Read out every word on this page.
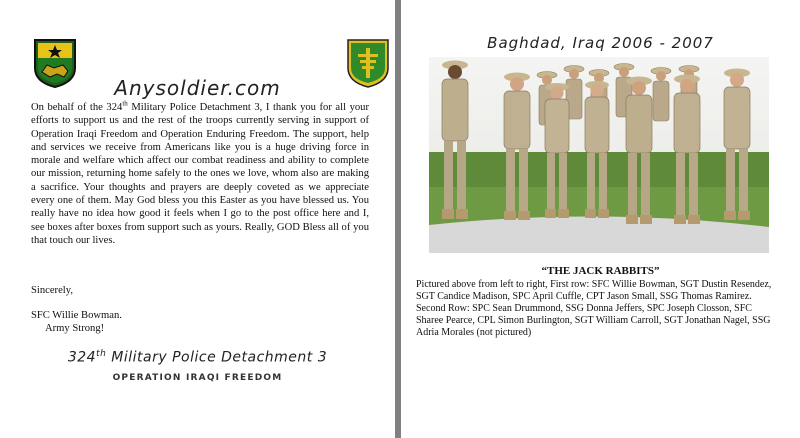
Anysoldier.com
On behalf of the 324th Military Police Detachment 3, I thank you for all your efforts to support us and the rest of the troops currently serving in support of Operation Iraqi Freedom and Operation Enduring Freedom. The support, help and services we receive from Americans like you is a huge driving force in morale and welfare which affect our combat readiness and ability to complete our mission, returning home safely to the ones we love, whom also are making a sacrifice. Your thoughts and prayers are deeply coveted as we appreciate every one of them. May God bless you this Easter as you have blessed us. You really have no idea how good it feels when I go to the post office here and I, see boxes after boxes from support such as yours. Really, GOD Bless all of you that touch our lives.
Sincerely,
SFC Willie Bowman.
Army Strong!
324th Military Police Detachment 3
OPERATION IRAQI FREEDOM
Baghdad, Iraq 2006 - 2007
“THE JACK RABBITS”
Pictured above from left to right, First row: SFC Willie Bowman, SGT Dustin Resendez, SGT Candice Madison, SPC April Cuffle, CPT Jason Small, SSG Thomas Ramirez. Second Row: SPC Sean Drummond, SSG Donna Jeffers, SPC Joseph Closson, SFC Sharee Pearce, CPL Simon Burlington, SGT William Carroll, SGT Jonathan Nagel, SSG Adria Morales (not pictured)
